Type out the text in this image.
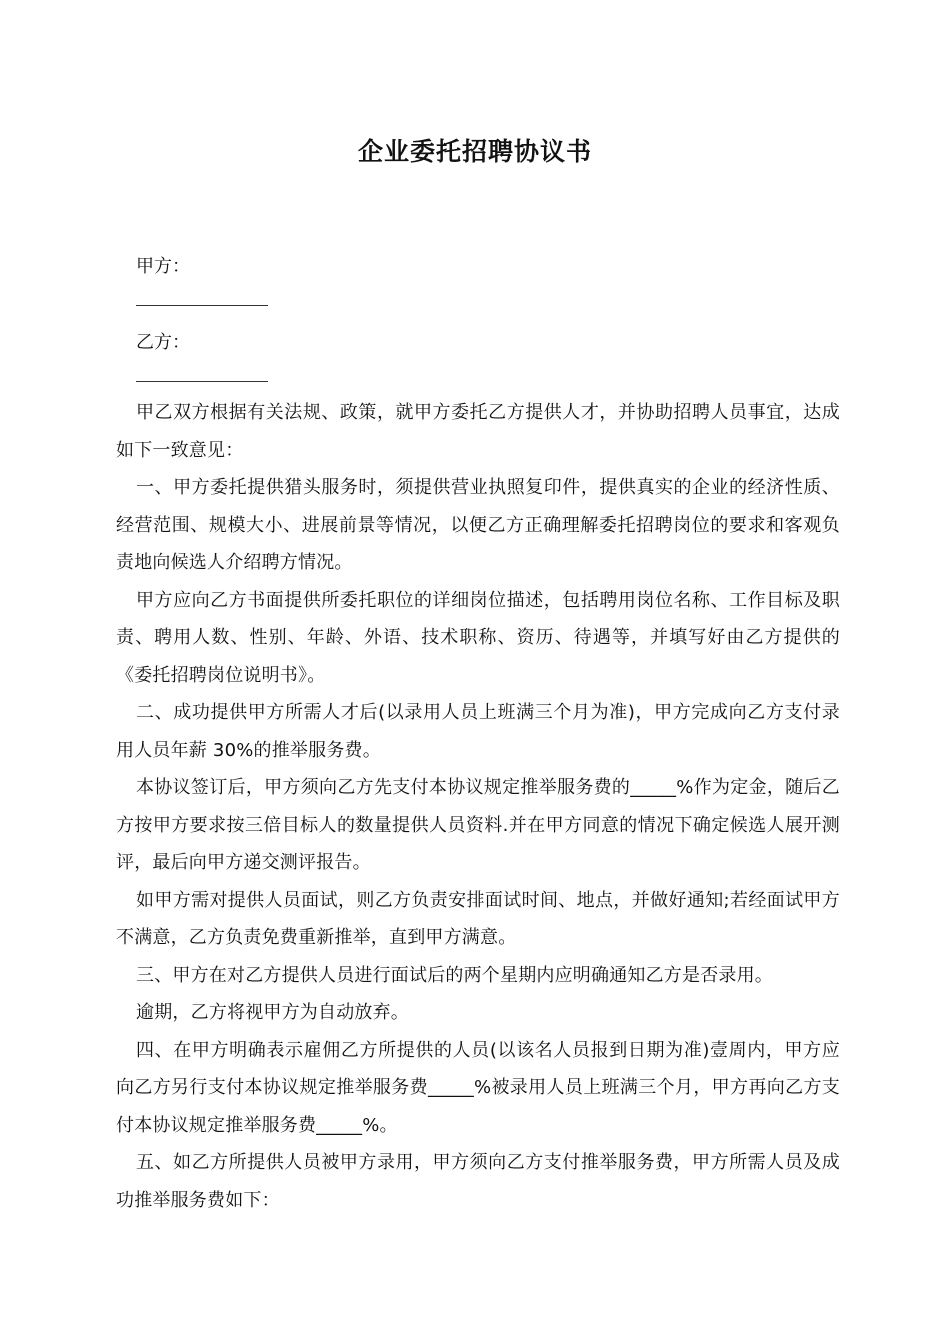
企业委托招聘协议书
甲方：
乙方：

甲乙双方根据有关法规、政策，就甲方委托乙方提供人才，并协助招聘人员事宜，达成如下一致意见：

一、甲方委托提供猎头服务时，须提供营业执照复印件，提供真实的企业的经济性质、经营范围、规模大小、进展前景等情况，以便乙方正确理解委托招聘岗位的要求和客观负责地向候选人介绍聘方情况。

甲方应向乙方书面提供所委托职位的详细岗位描述，包括聘用岗位名称、工作目标及职责、聘用人数、性别、年龄、外语、技术职称、资历、待遇等，并填写好由乙方提供的《委托招聘岗位说明书》。

二、成功提供甲方所需人才后(以录用人员上班满三个月为准)，甲方完成向乙方支付录用人员年薪 30%的推举服务费。

本协议签订后，甲方须向乙方先支付本协议规定推举服务费的_____%作为定金，随后乙方按甲方要求按三倍目标人的数量提供人员资料.并在甲方同意的情况下确定候选人展开测评，最后向甲方递交测评报告。

如甲方需对提供人员面试，则乙方负责安排面试时间、地点，并做好通知;若经面试甲方不满意，乙方负责免费重新推举，直到甲方满意。

三、甲方在对乙方提供人员进行面试后的两个星期内应明确通知乙方是否录用。

逾期，乙方将视甲方为自动放弃。

四、在甲方明确表示雇佣乙方所提供的人员(以该名人员报到日期为准)壹周内，甲方应向乙方另行支付本协议规定推举服务费_____%被录用人员上班满三个月，甲方再向乙方支付本协议规定推举服务费_____%。

五、如乙方所提供人员被甲方录用，甲方须向乙方支付推举服务费，甲方所需人员及成功推举服务费如下：
